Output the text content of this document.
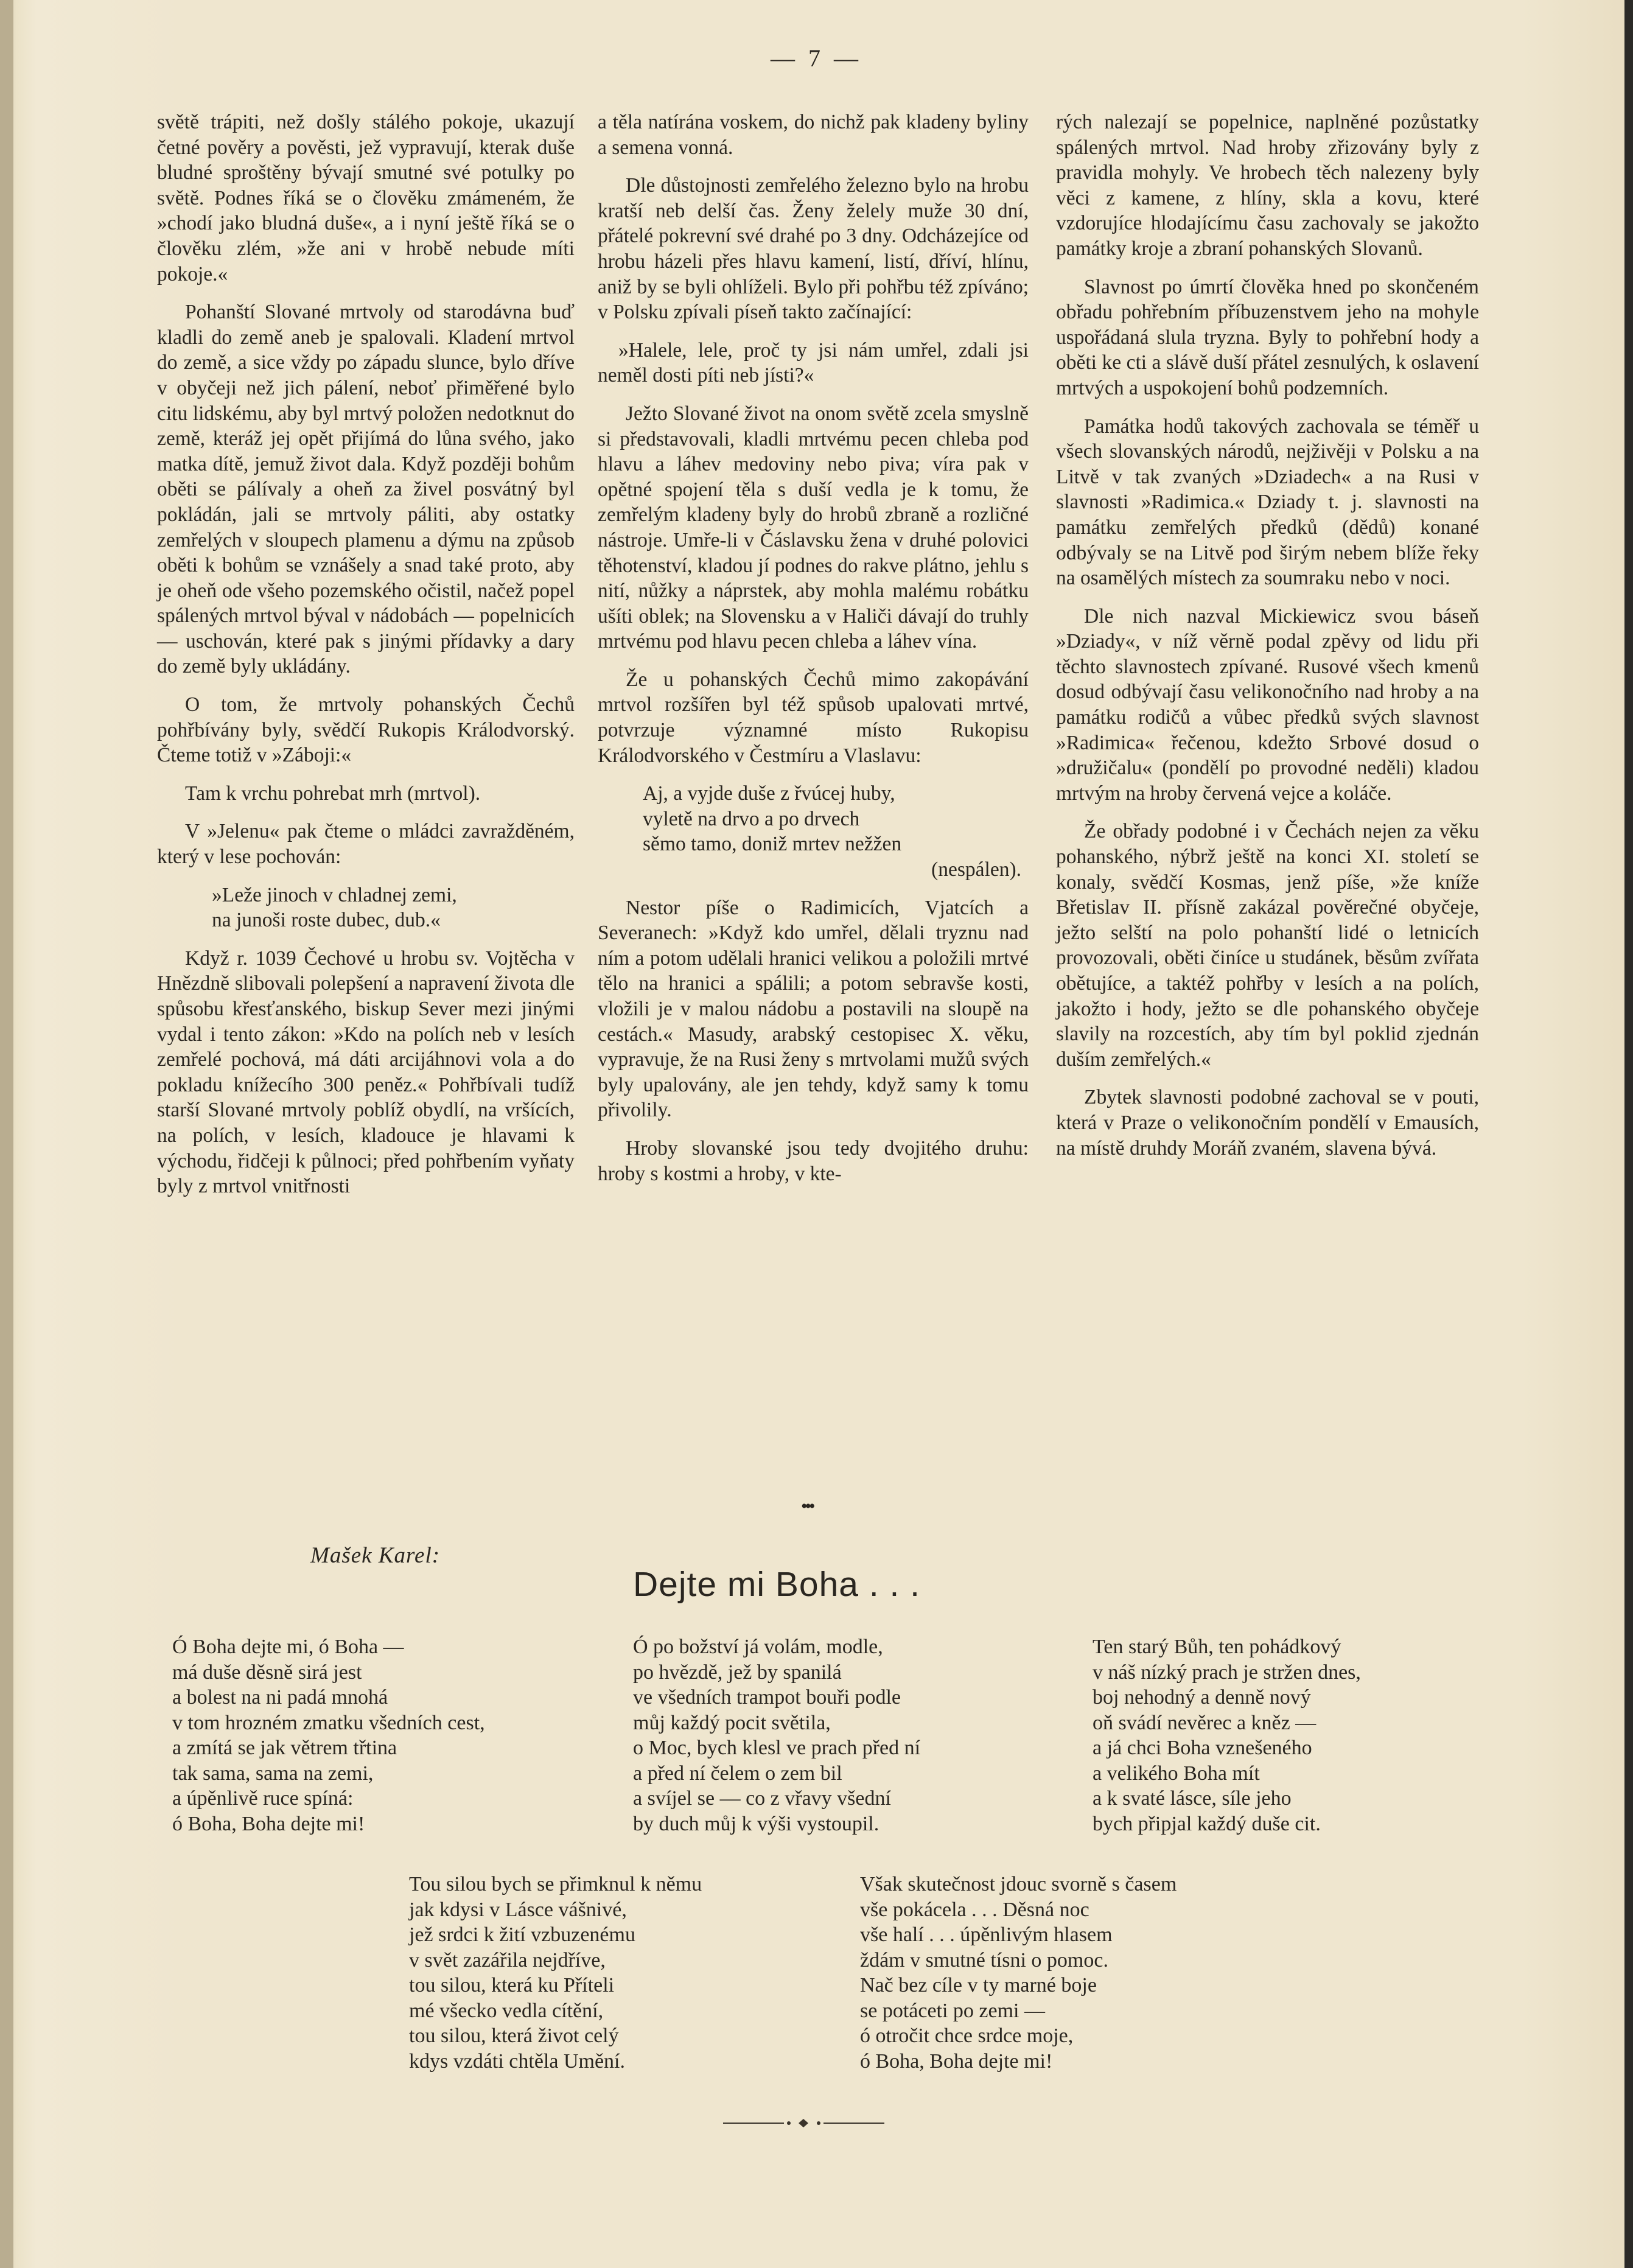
— 7 —

světě trápiti, než došly stálého pokoje, ukazují četné pověry a pověsti, jež vypravují, kterak duše bludné sproštěny bývají smutné své potulky po světě. Podnes říká se o člověku zmámeném, že »chodí jako bludná duše«, a i nyní ještě říká se o člověku zlém, »že ani v hrobě nebude míti pokoje.«

Pohanští Slované mrtvoly od starodávna buď kladli do země aneb je spalovali. Kladení mrtvol do země, a sice vždy po západu slunce, bylo dříve v obyčeji než jich pálení, neboť přiměřené bylo citu lidskému, aby byl mrtvý položen nedotknut do země, kteráž jej opět přijímá do lůna svého, jako matka dítě, jemuž život dala. Když později bohům oběti se pálívaly a oheň za živel posvátný byl pokládán, jali se mrtvoly páliti, aby ostatky zemřelých v sloupech plamenu a dýmu na způsob oběti k bohům se vznášely a snad také proto, aby je oheň ode všeho pozemského očistil, načež popel spálených mrtvol býval v nádobách — popelnicích — uschován, které pak s jinými přídavky a dary do země byly ukládány.

O tom, že mrtvoly pohanských Čechů pohřbívány byly, svědčí Rukopis Králodvorský. Čteme totiž v »Záboji:«

Tam k vrchu pohrebat mrh (mrtvol).

V »Jelenu« pak čteme o mládci zavražděném, který v lese pochován:

»Leže jinoch v chladnej zemi,

na junoši roste dubec, dub.«

Když r. 1039 Čechové u hrobu sv. Vojtěcha v Hnězdně slibovali polepšení a napravení života dle spůsobu křesťanského, biskup Sever mezi jinými vydal i tento zákon: »Kdo na polích neb v lesích zemřelé pochová, má dáti arcijáhnovi vola a do pokladu knížecího 300 peněz.« Pohřbívali tudíž starší Slované mrtvoly poblíž obydlí, na vršících, na polích, v lesích, kladouce je hlavami k východu, řidčeji k půlnoci; před pohřbením vyňaty byly z mrtvol vnitřnosti

a těla natírána voskem, do nichž pak kladeny byliny a semena vonná.

Dle důstojnosti zemřelého železno bylo na hrobu kratší neb delší čas. Ženy želely muže 30 dní, přátelé pokrevní své drahé po 3 dny. Odcházejíce od hrobu házeli přes hlavu kamení, listí, dříví, hlínu, aniž by se byli ohlíželi. Bylo při pohřbu též zpíváno; v Polsku zpívali píseň takto začínající:

»Halele, lele, proč ty jsi nám umřel, zdali jsi neměl dosti píti neb jísti?«

Ježto Slované život na onom světě zcela smyslně si představovali, kladli mrtvému pecen chleba pod hlavu a láhev medoviny nebo piva; víra pak v opětné spojení těla s duší vedla je k tomu, že zemřelým kladeny byly do hrobů zbraně a rozličné nástroje. Umře-li v Čáslavsku žena v druhé polovici těhotenství, kladou jí podnes do rakve plátno, jehlu s nití, nůžky a náprstek, aby mohla malému robátku ušíti oblek; na Slovensku a v Haliči dávají do truhly mrtvému pod hlavu pecen chleba a láhev vína.

Že u pohanských Čechů mimo zakopávání mrtvol rozšířen byl též spůsob upalovati mrtvé, potvrzuje významné místo Rukopisu Králodvorského v Čestmíru a Vlaslavu:

Aj, a vyjde duše z řvúcej huby,
vyletě na drvo a po drvech
sěmo tamo, doniž mrtev nežžen

(nespálen).

Nestor píše o Radimicích, Vjatcích a Severanech: »Když kdo umřel, dělali tryznu nad ním a potom udělali hranici velikou a položili mrtvé tělo na hranici a spálili; a potom sebravše kosti, vložili je v malou nádobu a postavili na sloupě na cestách.« Masudy, arabský cestopisec X. věku, vypravuje, že na Rusi ženy s mrtvolami mužů svých byly upalovány, ale jen tehdy, když samy k tomu přivolily.

Hroby slovanské jsou tedy dvojitého druhu: hroby s kostmi a hroby, v kte-

rých nalezají se popelnice, naplněné pozůstatky spálených mrtvol. Nad hroby zřizovány byly z pravidla mohyly. Ve hrobech těch nalezeny byly věci z kamene, z hlíny, skla a kovu, které vzdorujíce hlodajícímu času zachovaly se jakožto památky kroje a zbraní pohanských Slovanů.

Slavnost po úmrtí člověka hned po skončeném obřadu pohřebním příbuzenstvem jeho na mohyle uspořádaná slula tryzna. Byly to pohřební hody a oběti ke cti a slávě duší přátel zesnulých, k oslavení mrtvých a uspokojení bohů podzemních.

Památka hodů takových zachovala se téměř u všech slovanských národů, nejživěji v Polsku a na Litvě v tak zvaných »Dziadech« a na Rusi v slavnosti »Radimica.« Dziady t. j. slavnosti na památku zemřelých předků (dědů) konané odbývaly se na Litvě pod širým nebem blíže řeky na osamělých místech za soumraku nebo v noci.

Dle nich nazval Mickiewicz svou báseň »Dziady«, v níž věrně podal zpěvy od lidu při těchto slavnostech zpívané. Rusové všech kmenů dosud odbývají času velikonočního nad hroby a na památku rodičů a vůbec předků svých slavnost »Radimica« řečenou, kdežto Srbové dosud o »družičalu« (pondělí po provodné neděli) kladou mrtvým na hroby červená vejce a koláče.

Že obřady podobné i v Čechách nejen za věku pohanského, nýbrž ještě na konci XI. století se konaly, svědčí Kosmas, jenž píše, »že kníže Břetislav II. přísně zakázal pověrečné obyčeje, ježto selští na polo pohanští lidé o letnicích provozovali, oběti činíce u studánek, běsům zvířata obětujíce, a taktéž pohřby v lesích a na polích, jakožto i hody, ježto se dle pohanského obyčeje slavily na rozcestích, aby tím byl poklid zjednán duším zemřelých.«

Zbytek slavnosti podobné zachoval se v pouti, která v Praze o velikonočním pondělí v Emausích, na místě druhdy Moráň zvaném, slavena bývá.

•••
Mašek Karel:
Dejte mi Boha . . .
Ó Boha dejte mi, ó Boha —
má duše děsně sirá jest
a bolest na ni padá mnohá
v tom hrozném zmatku všedních cest,
a zmítá se jak větrem třtina
tak sama, sama na zemi,
a úpěnlivě ruce spíná:
ó Boha, Boha dejte mi!
Ó po božství já volám, modle,
po hvězdě, jež by spanilá
ve všedních trampot bouři podle
můj každý pocit světila,
o Moc, bych klesl ve prach před ní
a před ní čelem o zem bil
a svíjel se — co z vřavy všední
by duch můj k výši vystoupil.
Ten starý Bůh, ten pohádkový
v náš nízký prach je stržen dnes,
boj nehodný a denně nový
oň svádí nevěrec a kněz —
a já chci Boha vznešeného
a velikého Boha mít
a k svaté lásce, síle jeho
bych připjal každý duše cit.
Tou silou bych se přimknul k němu
jak kdysi v Lásce vášnivé,
jež srdci k žití vzbuzenému
v svět zazářila nejdříve,
tou silou, která ku Příteli
mé všecko vedla cítění,
tou silou, která život celý
kdys vzdáti chtěla Umění.
Však skutečnost jdouc svorně s časem
vše pokácela . . . Děsná noc
vše halí . . . úpěnlivým hlasem
ždám v smutné tísni o pomoc.
Nač bez cíle v ty marné boje
se potáceti po zemi —
ó otročit chce srdce moje,
ó Boha, Boha dejte mi!
